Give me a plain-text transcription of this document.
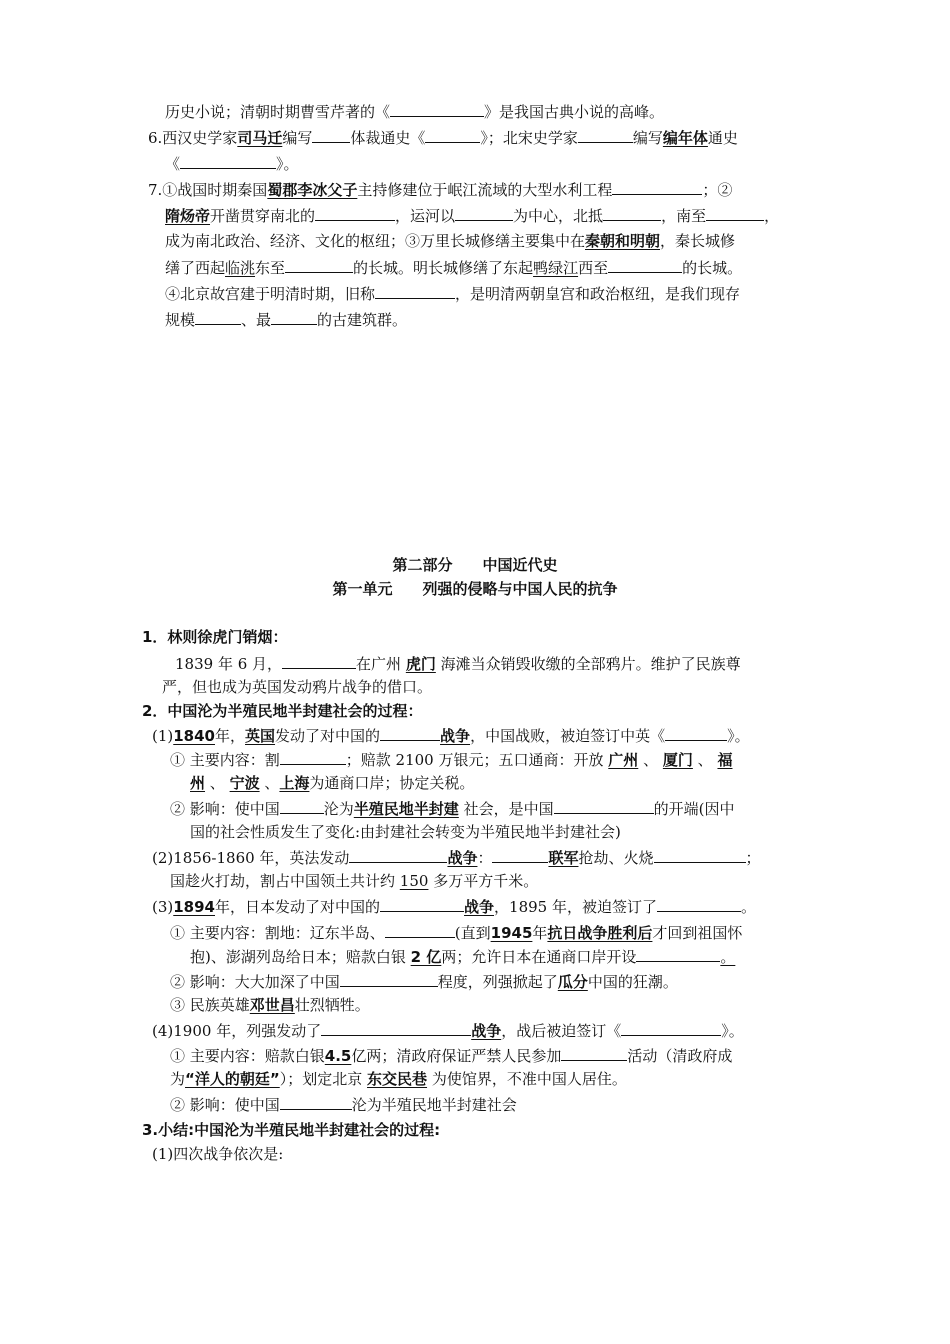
历史小说；清朝时期曹雪芹著的《	》是我国古典小说的高峰。
6.西汉史学家司马迁编写	体裁通史《	》；北宋史学家	编写编年体通史
《	》。
7.①战国时期秦国蜀郡李冰父子主持修建位于岷江流域的大型水利工程	；②
隋炀帝开凿贯穿南北的	，运河以	为中心，北抵	，南至	，
成为南北政治、经济、文化的枢纽；③万里长城修缮主要集中在秦朝和明朝，秦长城修
缮了西起临洮东至	的长城。明长城修缮了东起鸭绿江西至	的长城。
④北京故宫建于明清时期，旧称	，是明清两朝皇宫和政治枢纽，是我们现存
规模	、最	的古建筑群。
第二部分　　中国近代史
第一单元　　列强的侵略与中国人民的抗争
1．林则徐虎门销烟：
1839 年 6 月，	在广州 虎门 海滩当众销毁收缴的全部鸦片。维护了民族尊
严，但也成为英国发动鸦片战争的借口。
2．中国沦为半殖民地半封建社会的过程：
(1)1840年，英国发动了对中国的	战争，中国战败，被迫签订中英《	》。
① 主要内容：割	；赔款 2100 万银元；五口通商：开放 广州 、 厦门 、 福
州 、 宁波 、上海为通商口岸；协定关税。
② 影响：使中国	沦为半殖民地半封建 社会，是中国	的开端(因中
国的社会性质发生了变化:由封建社会转变为半殖民地半封建社会)
(2)1856-1860 年，英法发动	战争：	联军抢劫、火烧	；
国趁火打劫，割占中国领土共计约 150 多万平方千米。
(3)1894年，日本发动了对中国的	战争，1895 年，被迫签订了	。
① 主要内容：割地：辽东半岛、	(直到1945年抗日战争胜利后才回到祖国怀
抱)、澎湖列岛给日本；赔款白银 2 亿两；允许日本在通商口岸开设	。
② 影响：大大加深了中国	程度，列强掀起了瓜分中国的狂潮。
③ 民族英雄邓世昌壮烈牺牲。
(4)1900 年，列强发动了	战争，战后被迫签订《	》。
① 主要内容：赔款白银4.5亿两；清政府保证严禁人民参加	活动（清政府成
为“洋人的朝廷”）；划定北京 东交民巷 为使馆界，不准中国人居住。
② 影响：使中国	沦为半殖民地半封建社会
3.小结:中国沦为半殖民地半封建社会的过程:
(1)四次战争依次是:
